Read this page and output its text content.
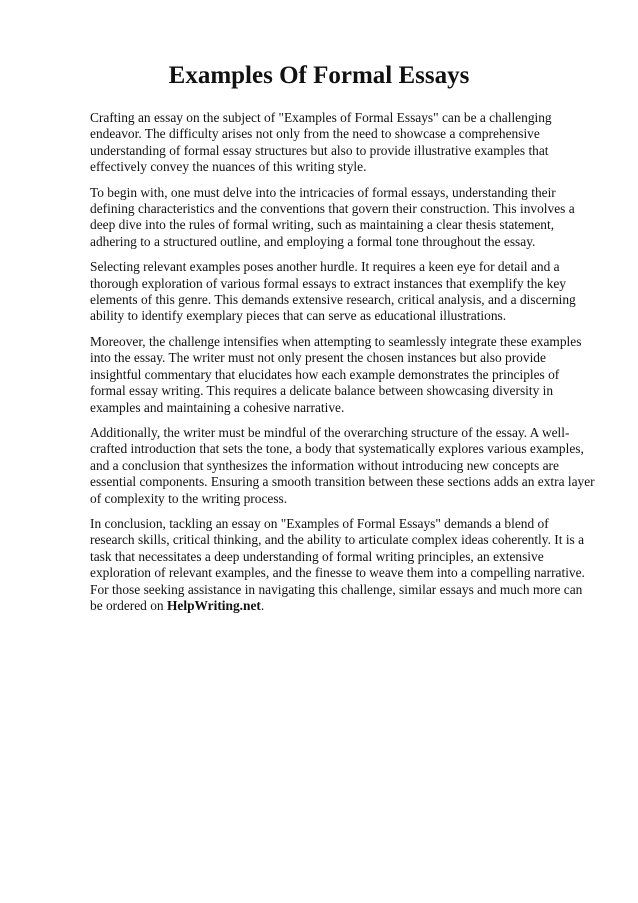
Examples Of Formal Essays

Crafting an essay on the subject of "Examples of Formal Essays" can be a challenging endeavor. The difficulty arises not only from the need to showcase a comprehensive understanding of formal essay structures but also to provide illustrative examples that effectively convey the nuances of this writing style.

To begin with, one must delve into the intricacies of formal essays, understanding their defining characteristics and the conventions that govern their construction. This involves a deep dive into the rules of formal writing, such as maintaining a clear thesis statement, adhering to a structured outline, and employing a formal tone throughout the essay.

Selecting relevant examples poses another hurdle. It requires a keen eye for detail and a thorough exploration of various formal essays to extract instances that exemplify the key elements of this genre. This demands extensive research, critical analysis, and a discerning ability to identify exemplary pieces that can serve as educational illustrations.

Moreover, the challenge intensifies when attempting to seamlessly integrate these examples into the essay. The writer must not only present the chosen instances but also provide insightful commentary that elucidates how each example demonstrates the principles of formal essay writing. This requires a delicate balance between showcasing diversity in examples and maintaining a cohesive narrative.

Additionally, the writer must be mindful of the overarching structure of the essay. A well-crafted introduction that sets the tone, a body that systematically explores various examples, and a conclusion that synthesizes the information without introducing new concepts are essential components. Ensuring a smooth transition between these sections adds an extra layer of complexity to the writing process.

In conclusion, tackling an essay on "Examples of Formal Essays" demands a blend of research skills, critical thinking, and the ability to articulate complex ideas coherently. It is a task that necessitates a deep understanding of formal writing principles, an extensive exploration of relevant examples, and the finesse to weave them into a compelling narrative. For those seeking assistance in navigating this challenge, similar essays and much more can be ordered on HelpWriting.net.
